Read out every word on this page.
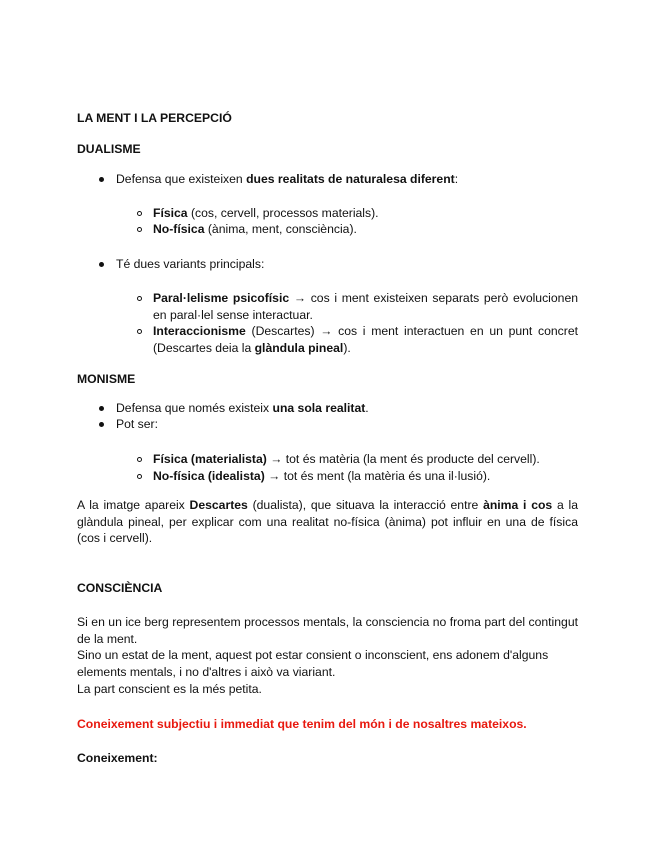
LA MENT I LA PERCEPCIÓ

DUALISME

Defensa que existeixen dues realitats de naturalesa diferent:

Física (cos, cervell, processos materials).

No-física (ànima, ment, consciència).

Té dues variants principals:

Paral·lelisme psicofísic → cos i ment existeixen separats però evolucionen en paral·lel sense interactuar.

Interaccionisme (Descartes) → cos i ment interactuen en un punt concret (Descartes deia la glàndula pineal).

MONISME

Defensa que només existeix una sola realitat.

Pot ser:

Física (materialista) → tot és matèria (la ment és producte del cervell).

No-física (idealista) → tot és ment (la matèria és una il·lusió).

A la imatge apareix Descartes (dualista), que situava la interacció entre ànima i cos a la glàndula pineal, per explicar com una realitat no-física (ànima) pot influir en una de física (cos i cervell).

CONSCIÈNCIA

Si en un ice berg representem processos mentals, la consciencia no froma part del contingut de la ment.

Sino un estat de la ment, aquest pot estar consient o inconscient, ens adonem d'alguns elements mentals, i no d'altres i això va viariant.

La part conscient es la més petita.

Coneixement subjectiu i immediat que tenim del món i de nosaltres mateixos.

Coneixement:
